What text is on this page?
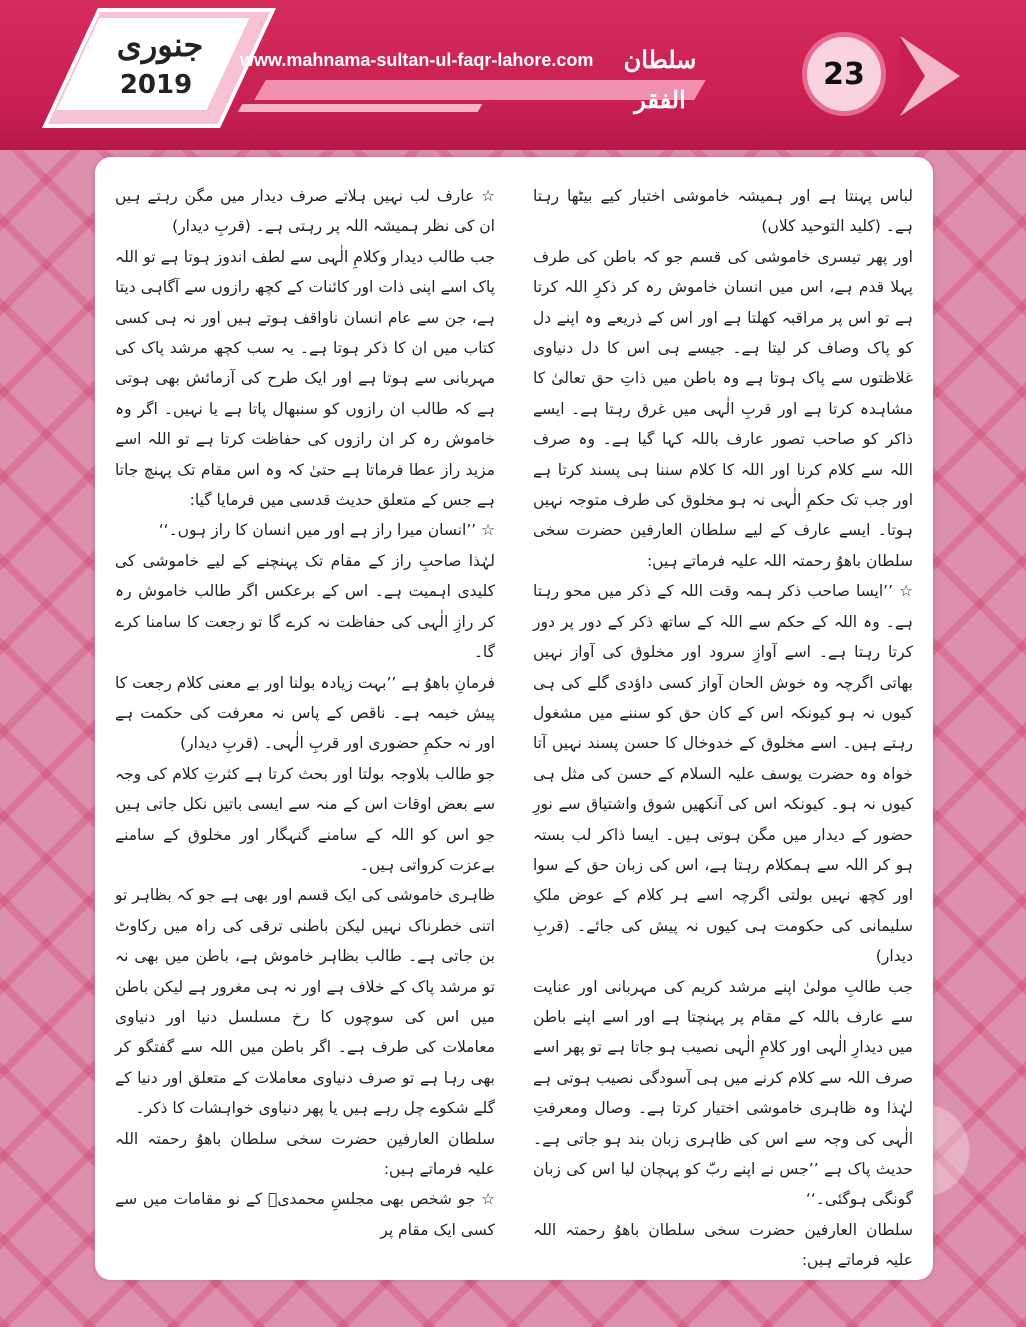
جنوری
2019
www.mahnama-sultan-ul-faqr-lahore.com	سلطان الفقر
23

لباس پہنتا ہے اور ہمیشہ خاموشی اختیار کیے بیٹھا رہتا ہے۔ (کلید التوحید کلاں)

اور پھر تیسری خاموشی کی قسم جو کہ باطن کی طرف پہلا قدم ہے، اس میں انسان خاموش رہ کر ذکرِ اللہ کرتا ہے تو اس پر مراقبہ کھلتا ہے اور اس کے ذریعے وہ اپنے دل کو پاک وصاف کر لیتا ہے۔ جیسے ہی اس کا دل دنیاوی غلاظتوں سے پاک ہوتا ہے وہ باطن میں ذاتِ حق تعالیٰ کا مشاہدہ کرتا ہے اور قربِ الٰہی میں غرق رہتا ہے۔ ایسے ذاکر کو صاحب تصور عارف باللہ کہا گیا ہے۔ وہ صرف اللہ سے کلام کرنا اور اللہ کا کلام سننا ہی پسند کرتا ہے اور جب تک حکمِ الٰہی نہ ہو مخلوق کی طرف متوجہ نہیں ہوتا۔ ایسے عارف کے لیے سلطان العارفین حضرت سخی سلطان باھوُ رحمتہ اللہ علیہ فرماتے ہیں:

☆ ’’ایسا صاحب ذکر ہمہ وقت اللہ کے ذکر میں محو رہتا ہے۔ وہ اللہ کے حکم سے اللہ کے ساتھ ذکر کے دور پر دور کرتا رہتا ہے۔ اسے آوازِ سرود اور مخلوق کی آواز نہیں بھاتی اگرچہ وہ خوش الحان آواز کسی داؤدی گلے کی ہی کیوں نہ ہو کیونکہ اس کے کان حق کو سننے میں مشغول رہتے ہیں۔ اسے مخلوق کے خدوخال کا حسن پسند نہیں آتا خواہ وہ حضرت یوسف علیہ السلام کے حسن کی مثل ہی کیوں نہ ہو۔ کیونکہ اس کی آنکھیں شوق واشتیاق سے نورِ حضور کے دیدار میں مگن ہوتی ہیں۔ ایسا ذاکر لب بستہ ہو کر اللہ سے ہمکلام رہتا ہے، اس کی زبان حق کے سوا اور کچھ نہیں بولتی اگرچہ اسے ہر کلام کے عوض ملکِ سلیمانی کی حکومت ہی کیوں نہ پیش کی جائے۔ (قربِ دیدار)

جب طالبِ مولیٰ اپنے مرشد کریم کی مہربانی اور عنایت سے عارف باللہ کے مقام پر پہنچتا ہے اور اسے اپنے باطن میں دیدارِ الٰہی اور کلامِ الٰہی نصیب ہو جاتا ہے تو پھر اسے صرف اللہ سے کلام کرنے میں ہی آسودگی نصیب ہوتی ہے لہٰذا وہ ظاہری خاموشی اختیار کرتا ہے۔ وصال ومعرفتِ الٰہی کی وجہ سے اس کی ظاہری زبان بند ہو جاتی ہے۔ حدیث پاک ہے ’’جس نے اپنے ربّ کو پہچان لیا اس کی زبان گونگی ہوگئی۔‘‘

سلطان العارفین حضرت سخی سلطان باھوُ رحمتہ اللہ علیہ فرماتے ہیں:

☆ عارف لب نہیں ہلاتے صرف دیدار میں مگن رہتے ہیں ان کی نظر ہمیشہ اللہ پر رہتی ہے۔ (قربِ دیدار)

جب طالب دیدار وکلامِ الٰہی سے لطف اندوز ہوتا ہے تو اللہ پاک اسے اپنی ذات اور کائنات کے کچھ رازوں سے آگاہی دیتا ہے، جن سے عام انسان ناواقف ہوتے ہیں اور نہ ہی کسی کتاب میں ان کا ذکر ہوتا ہے۔ یہ سب کچھ مرشد پاک کی مہربانی سے ہوتا ہے اور ایک طرح کی آزمائش بھی ہوتی ہے کہ طالب ان رازوں کو سنبھال پاتا ہے یا نہیں۔ اگر وہ خاموش رہ کر ان رازوں کی حفاظت کرتا ہے تو اللہ اسے مزید راز عطا فرماتا ہے حتیٰ کہ وہ اس مقام تک پہنچ جاتا ہے جس کے متعلق حدیث قدسی میں فرمایا گیا:

☆ ’’انسان میرا راز ہے اور میں انسان کا راز ہوں۔‘‘

لہٰذا صاحبِ راز کے مقام تک پہنچنے کے لیے خاموشی کی کلیدی اہمیت ہے۔ اس کے برعکس اگر طالب خاموش رہ کر رازِ الٰہی کی حفاظت نہ کرے گا تو رجعت کا سامنا کرے گا۔

فرمانِ باھوُ ہے ’’بہت زیادہ بولنا اور بے معنی کلام رجعت کا پیش خیمہ ہے۔ ناقص کے پاس نہ معرفت کی حکمت ہے اور نہ حکمِ حضوری اور قربِ الٰہی۔ (قربِ دیدار)

جو طالب بلاوجہ بولتا اور بحث کرتا ہے کثرتِ کلام کی وجہ سے بعض اوقات اس کے منہ سے ایسی باتیں نکل جاتی ہیں جو اس کو اللہ کے سامنے گنہگار اور مخلوق کے سامنے بےعزت کرواتی ہیں۔

ظاہری خاموشی کی ایک قسم اور بھی ہے جو کہ بظاہر تو اتنی خطرناک نہیں لیکن باطنی ترقی کی راہ میں رکاوٹ بن جاتی ہے۔ طالب بظاہر خاموش ہے، باطن میں بھی نہ تو مرشد پاک کے خلاف ہے اور نہ ہی مغرور ہے لیکن باطن میں اس کی سوچوں کا رخ مسلسل دنیا اور دنیاوی معاملات کی طرف ہے۔ اگر باطن میں اللہ سے گفتگو کر بھی رہا ہے تو صرف دنیاوی معاملات کے متعلق اور دنیا کے گلے شکوے چل رہے ہیں یا پھر دنیاوی خواہشات کا ذکر۔

سلطان العارفین حضرت سخی سلطان باھوُ رحمتہ اللہ علیہ فرماتے ہیں:

☆ جو شخص بھی مجلسِ محمدیؐ کے نو مقامات میں سے کسی ایک مقام پر
